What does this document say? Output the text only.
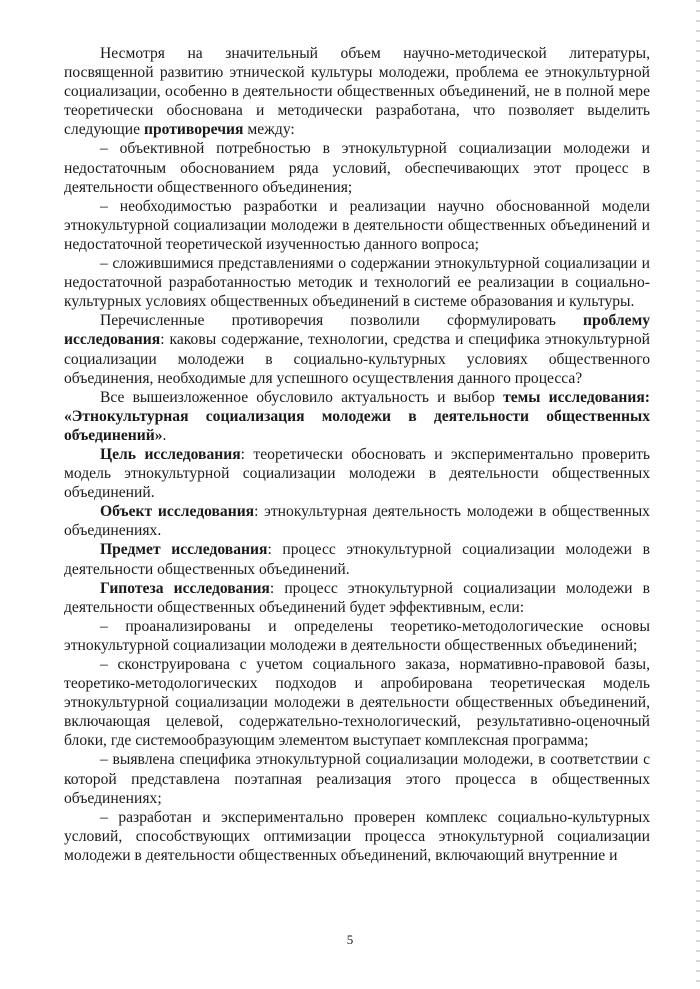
Несмотря на значительный объем научно-методической литературы, посвященной развитию этнической культуры молодежи, проблема ее этнокультурной социализации, особенно в деятельности общественных объединений, не в полной мере теоретически обоснована и методически разработана, что позволяет выделить следующие противоречия между:

– объективной потребностью в этнокультурной социализации молодежи и недостаточным обоснованием ряда условий, обеспечивающих этот процесс в деятельности общественного объединения;

– необходимостью разработки и реализации научно обоснованной модели этнокультурной социализации молодежи в деятельности общественных объединений и недостаточной теоретической изученностью данного вопроса;

– сложившимися представлениями о содержании этнокультурной социализации и недостаточной разработанностью методик и технологий ее реализации в социально-культурных условиях общественных объединений в системе образования и культуры.

Перечисленные противоречия позволили сформулировать проблему исследования: каковы содержание, технологии, средства и специфика этнокультурной социализации молодежи в социально-культурных условиях общественного объединения, необходимые для успешного осуществления данного процесса?

Все вышеизложенное обусловило актуальность и выбор темы исследования: «Этнокультурная социализация молодежи в деятельности общественных объединений».

Цель исследования: теоретически обосновать и экспериментально проверить модель этнокультурной социализации молодежи в деятельности общественных объединений.

Объект исследования: этнокультурная деятельность молодежи в общественных объединениях.

Предмет исследования: процесс этнокультурной социализации молодежи в деятельности общественных объединений.

Гипотеза исследования: процесс этнокультурной социализации молодежи в деятельности общественных объединений будет эффективным, если:

– проанализированы и определены теоретико-методологические основы этнокультурной социализации молодежи в деятельности общественных объединений;

– сконструирована с учетом социального заказа, нормативно-правовой базы, теоретико-методологических подходов и апробирована теоретическая модель этнокультурной социализации молодежи в деятельности общественных объединений, включающая целевой, содержательно-технологический, результативно-оценочный блоки, где системообразующим элементом выступает комплексная программа;

– выявлена специфика этнокультурной социализации молодежи, в соответствии с которой представлена поэтапная реализация этого процесса в общественных объединениях;

– разработан и экспериментально проверен комплекс социально-культурных условий, способствующих оптимизации процесса этнокультурной социализации молодежи в деятельности общественных объединений, включающий внутренние и

5
